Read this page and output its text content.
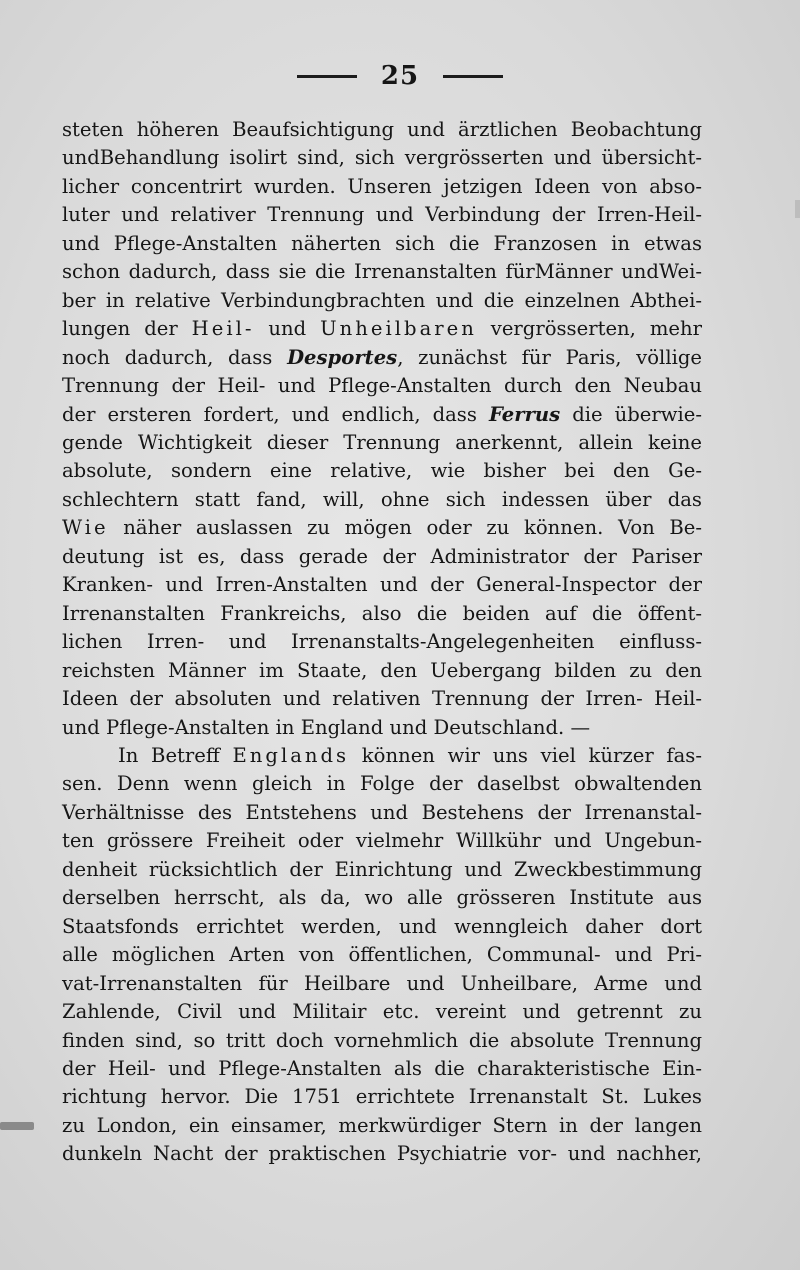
25
steten höheren Beaufsichtigung und ärztlichen Beobachtung
undBehandlung isolirt sind, sich vergrösserten und übersicht-
licher concentrirt wurden. Unseren jetzigen Ideen von abso-
luter und relativer Trennung und Verbindung der Irren-Heil-
und Pflege-Anstalten näherten sich die Franzosen in etwas
schon dadurch, dass sie die Irrenanstalten fürMänner undWei-
ber in relative Verbindungbrachten und die einzelnen Abthei-
lungen der Heil- und Unheilbaren vergrösserten, mehr
noch dadurch, dass Desportes, zunächst für Paris, völlige
Trennung der Heil- und Pflege-Anstalten durch den Neubau
der ersteren fordert, und endlich, dass Ferrus die überwie-
gende Wichtigkeit dieser Trennung anerkennt, allein keine
absolute, sondern eine relative, wie bisher bei den Ge-
schlechtern statt fand, will, ohne sich indessen über das
Wie näher auslassen zu mögen oder zu können. Von Be-
deutung ist es, dass gerade der Administrator der Pariser
Kranken- und Irren-Anstalten und der General-Inspector der
Irrenanstalten Frankreichs, also die beiden auf die öffent-
lichen Irren- und Irrenanstalts-Angelegenheiten einfluss-
reichsten Männer im Staate, den Uebergang bilden zu den
Ideen der absoluten und relativen Trennung der Irren- Heil-
und Pflege-Anstalten in England und Deutschland. —
In Betreff Englands können wir uns viel kürzer fas-
sen. Denn wenn gleich in Folge der daselbst obwaltenden
Verhältnisse des Entstehens und Bestehens der Irrenanstal-
ten grössere Freiheit oder vielmehr Willkühr und Ungebun-
denheit rücksichtlich der Einrichtung und Zweckbestimmung
derselben herrscht, als da, wo alle grösseren Institute aus
Staatsfonds errichtet werden, und wenngleich daher dort
alle möglichen Arten von öffentlichen, Communal- und Pri-
vat-Irrenanstalten für Heilbare und Unheilbare, Arme und
Zahlende, Civil und Militair etc. vereint und getrennt zu
finden sind, so tritt doch vornehmlich die absolute Trennung
der Heil- und Pflege-Anstalten als die charakteristische Ein-
richtung hervor. Die 1751 errichtete Irrenanstalt St. Lukes
zu London, ein einsamer, merkwürdiger Stern in der langen
dunkeln Nacht der praktischen Psychiatrie vor- und nachher,
